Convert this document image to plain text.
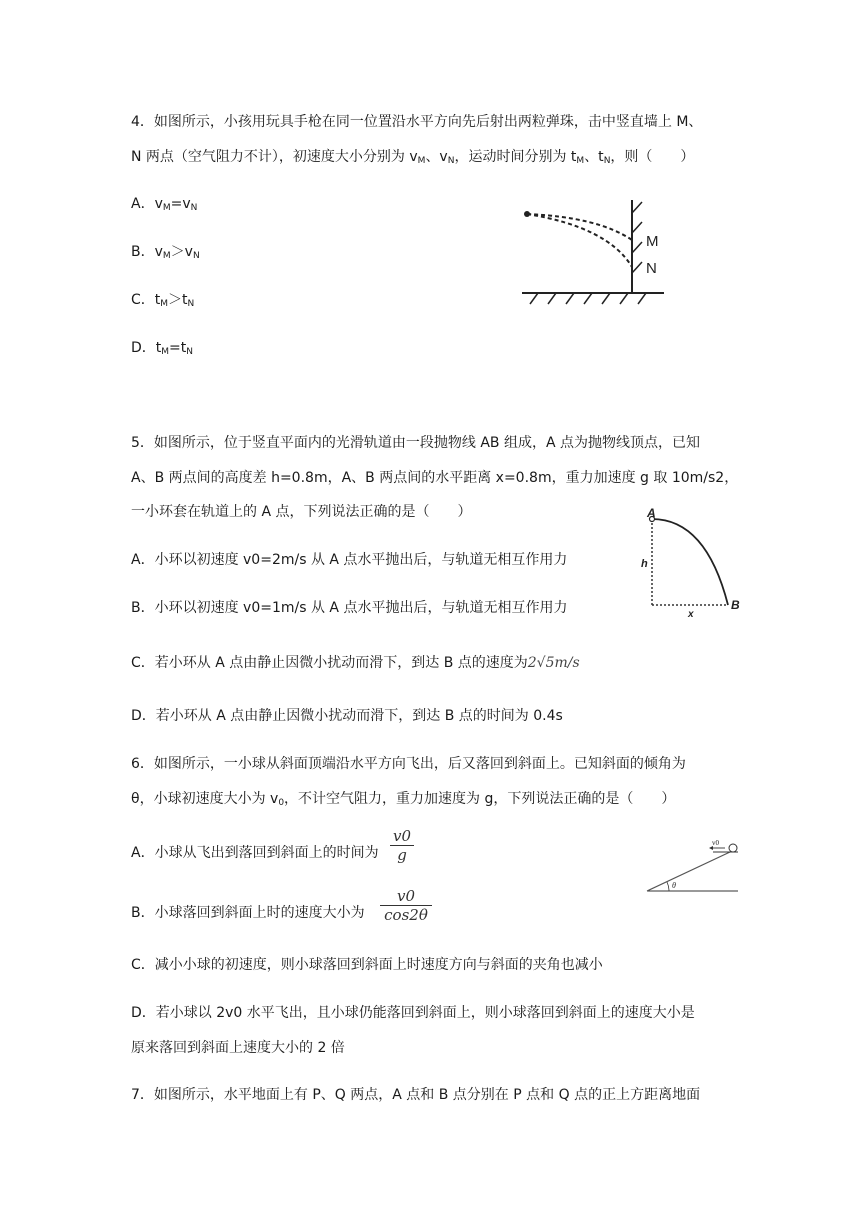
4．如图所示，小孩用玩具手枪在同一位置沿水平方向先后射出两粒弹珠，击中竖直墙上 M、

N 两点（空气阻力不计），初速度大小分别为 $v_M$、$v_N$，运动时间分别为 $t_M$、$t_N$，则（　　）

A．$v_M=v_N$

B．$v_M>v_N$

C．$t_M>t_N$

D．$t_M=t_N$

M
N

5．如图所示，位于竖直平面内的光滑轨道由一段抛物线 AB 组成，A 点为抛物线顶点，已知

A、B 两点间的高度差 h=0.8m，A、B 两点间的水平距离 x=0.8m，重力加速度 g 取 10m/s2，

一小环套在轨道上的 A 点，下列说法正确的是（　　）

A．小环以初速度 v0=2m/s 从 A 点水平抛出后，与轨道无相互作用力

B．小环以初速度 v0=1m/s 从 A 点水平抛出后，与轨道无相互作用力

C．若小环从 A 点由静止因微小扰动而滑下，到达 B 点的速度为2√5m/s

D．若小环从 A 点由静止因微小扰动而滑下，到达 B 点的时间为 0.4s

A
B
h
x

6．如图所示，一小球从斜面顶端沿水平方向飞出，后又落回到斜面上。已知斜面的倾角为

θ，小球初速度大小为 $v_0$，不计空气阻力，重力加速度为 g，下列说法正确的是（　　）

A．小球从飞出到落回到斜面上的时间为

v0
g

B．小球落回到斜面上时的速度大小为

v0
cos2θ

C．减小小球的初速度，则小球落回到斜面上时速度方向与斜面的夹角也减小

D．若小球以 2v0 水平飞出，且小球仍能落回到斜面上，则小球落回到斜面上的速度大小是

原来落回到斜面上速度大小的 2 倍

v0
θ

7．如图所示，水平地面上有 P、Q 两点，A 点和 B 点分别在 P 点和 Q 点的正上方距离地面
